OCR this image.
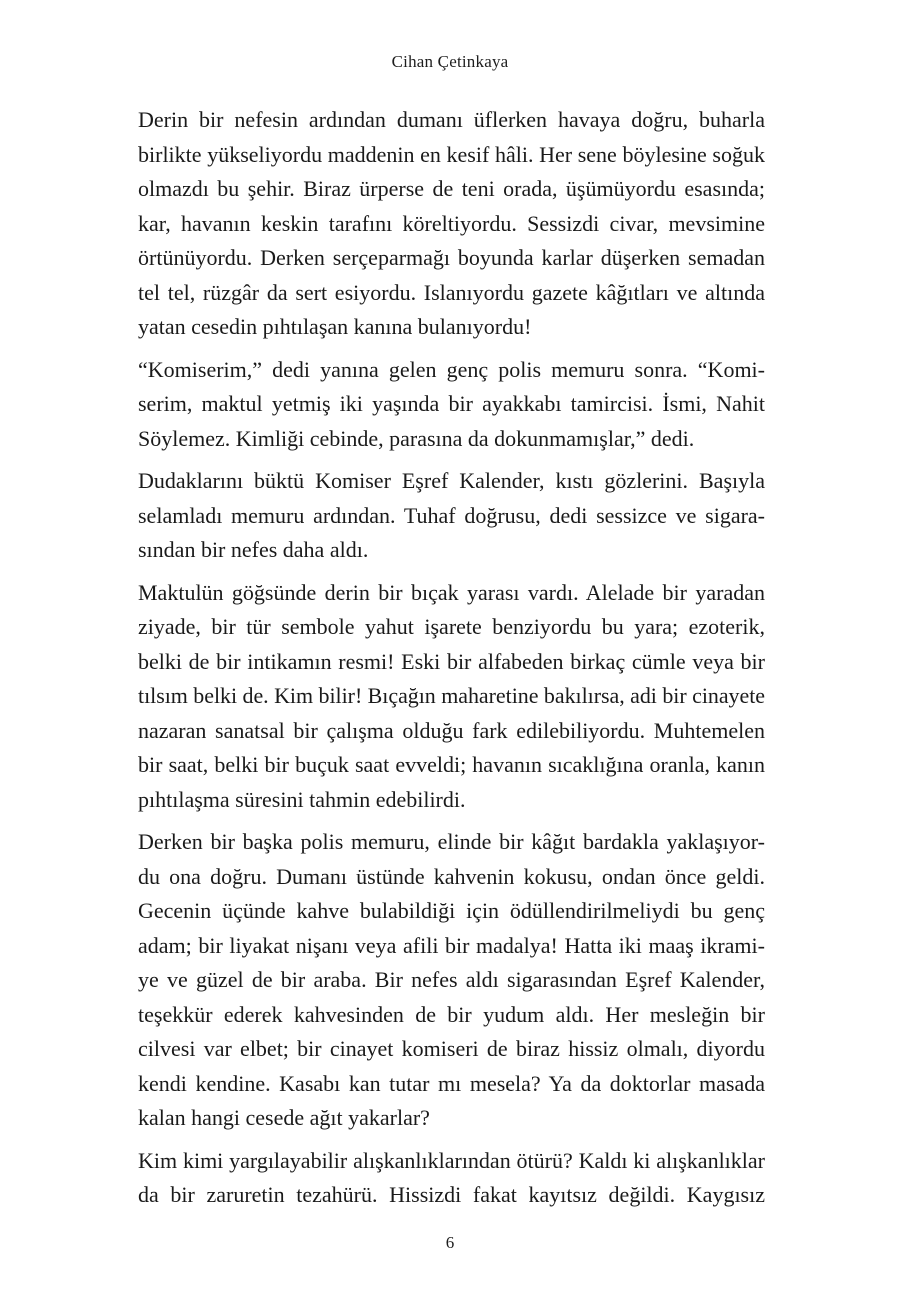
Cihan Çetinkaya

Derin bir nefesin ardından dumanı üflerken havaya doğru, buharla
birlikte yükseliyordu maddenin en kesif hâli. Her sene böylesine soğuk
olmazdı bu şehir. Biraz ürperse de teni orada, üşümüyordu esasında;
kar, havanın keskin tarafını köreltiyordu. Sessizdi civar, mevsimine
örtünüyordu. Derken serçeparmağı boyunda karlar düşerken semadan
tel tel, rüzgâr da sert esiyordu. Islanıyordu gazete kâğıtları ve altında
yatan cesedin pıhtılaşan kanına bulanıyordu!

“Komiserim,” dedi yanına gelen genç polis memuru sonra. “Komi-
serim, maktul yetmiş iki yaşında bir ayakkabı tamircisi. İsmi, Nahit
Söylemez. Kimliği cebinde, parasına da dokunmamışlar,” dedi.

Dudaklarını büktü Komiser Eşref Kalender, kıstı gözlerini. Başıyla
selamladı memuru ardından. Tuhaf doğrusu, dedi sessizce ve sigara-
sından bir nefes daha aldı.

Maktulün göğsünde derin bir bıçak yarası vardı. Alelade bir yaradan
ziyade, bir tür sembole yahut işarete benziyordu bu yara; ezoterik,
belki de bir intikamın resmi! Eski bir alfabeden birkaç cümle veya bir
tılsım belki de. Kim bilir! Bıçağın maharetine bakılırsa, adi bir cinayete
nazaran sanatsal bir çalışma olduğu fark edilebiliyordu. Muhtemelen
bir saat, belki bir buçuk saat evveldi; havanın sıcaklığına oranla, kanın
pıhtılaşma süresini tahmin edebilirdi.

Derken bir başka polis memuru, elinde bir kâğıt bardakla yaklaşıyor-
du ona doğru. Dumanı üstünde kahvenin kokusu, ondan önce geldi.
Gecenin üçünde kahve bulabildiği için ödüllendirilmeliydi bu genç
adam; bir liyakat nişanı veya afili bir madalya! Hatta iki maaş ikrami-
ye ve güzel de bir araba. Bir nefes aldı sigarasından Eşref Kalender,
teşekkür ederek kahvesinden de bir yudum aldı. Her mesleğin bir
cilvesi var elbet; bir cinayet komiseri de biraz hissiz olmalı, diyordu
kendi kendine. Kasabı kan tutar mı mesela? Ya da doktorlar masada
kalan hangi cesede ağıt yakarlar?

Kim kimi yargılayabilir alışkanlıklarından ötürü? Kaldı ki alışkanlıklar
da bir zaruretin tezahürü. Hissizdi fakat kayıtsız değildi. Kaygısız

6
